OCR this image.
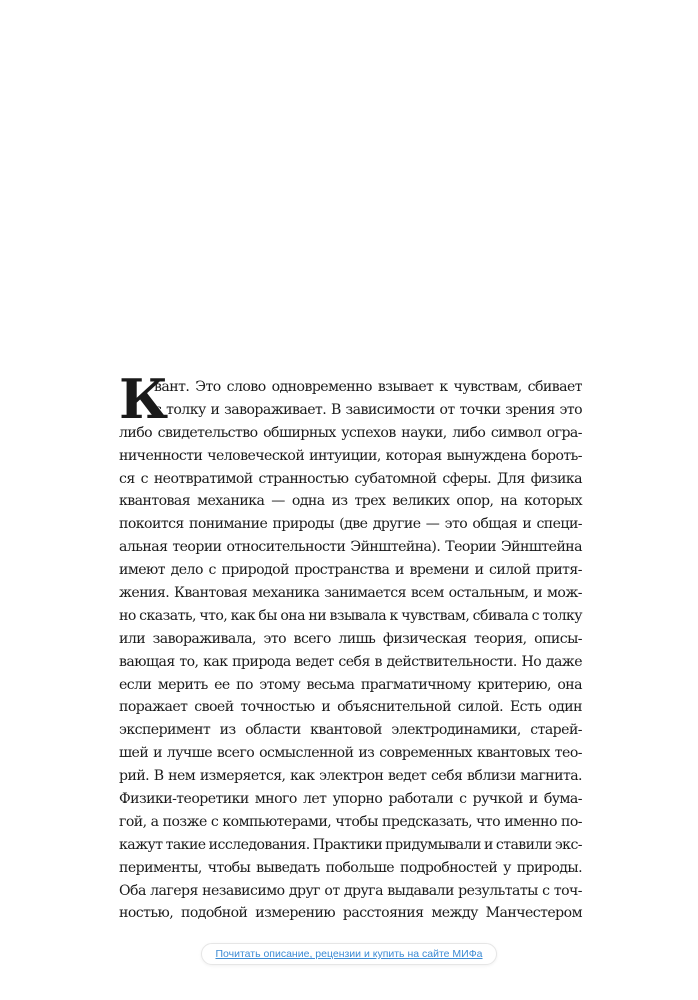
К
вант. Это слово одновременно взывает к чувствам, сбивает
с толку и завораживает. В зависимости от точки зрения это
либо свидетельство обширных успехов науки, либо символ огра-
ниченности человеческой интуиции, которая вынуждена бороть-
ся с неотвратимой странностью субатомной сферы. Для физика
квантовая механика — одна из трех великих опор, на которых
покоится понимание природы (две другие — это общая и специ-
альная теории относительности Эйнштейна). Теории Эйнштейна
имеют дело с природой пространства и времени и силой притя-
жения. Квантовая механика занимается всем остальным, и мож-
но сказать, что, как бы она ни взывала к чувствам, сбивала с толку
или завораживала, это всего лишь физическая теория, описы-
вающая то, как природа ведет себя в действительности. Но даже
если мерить ее по этому весьма прагматичному критерию, она
поражает своей точностью и объяснительной силой. Есть один
эксперимент из области квантовой электродинамики, старей-
шей и лучше всего осмысленной из современных квантовых тео-
рий. В нем измеряется, как электрон ведет себя вблизи магнита.
Физики-теоретики много лет упорно работали с ручкой и бума-
гой, а позже с компьютерами, чтобы предсказать, что именно по-
кажут такие исследования. Практики придумывали и ставили экс-
перименты, чтобы выведать побольше подробностей у природы.
Оба лагеря независимо друг от друга выдавали результаты с точ-
ностью, подобной измерению расстояния между Манчестером
Почитать описание, рецензии и купить на сайте МИФа
